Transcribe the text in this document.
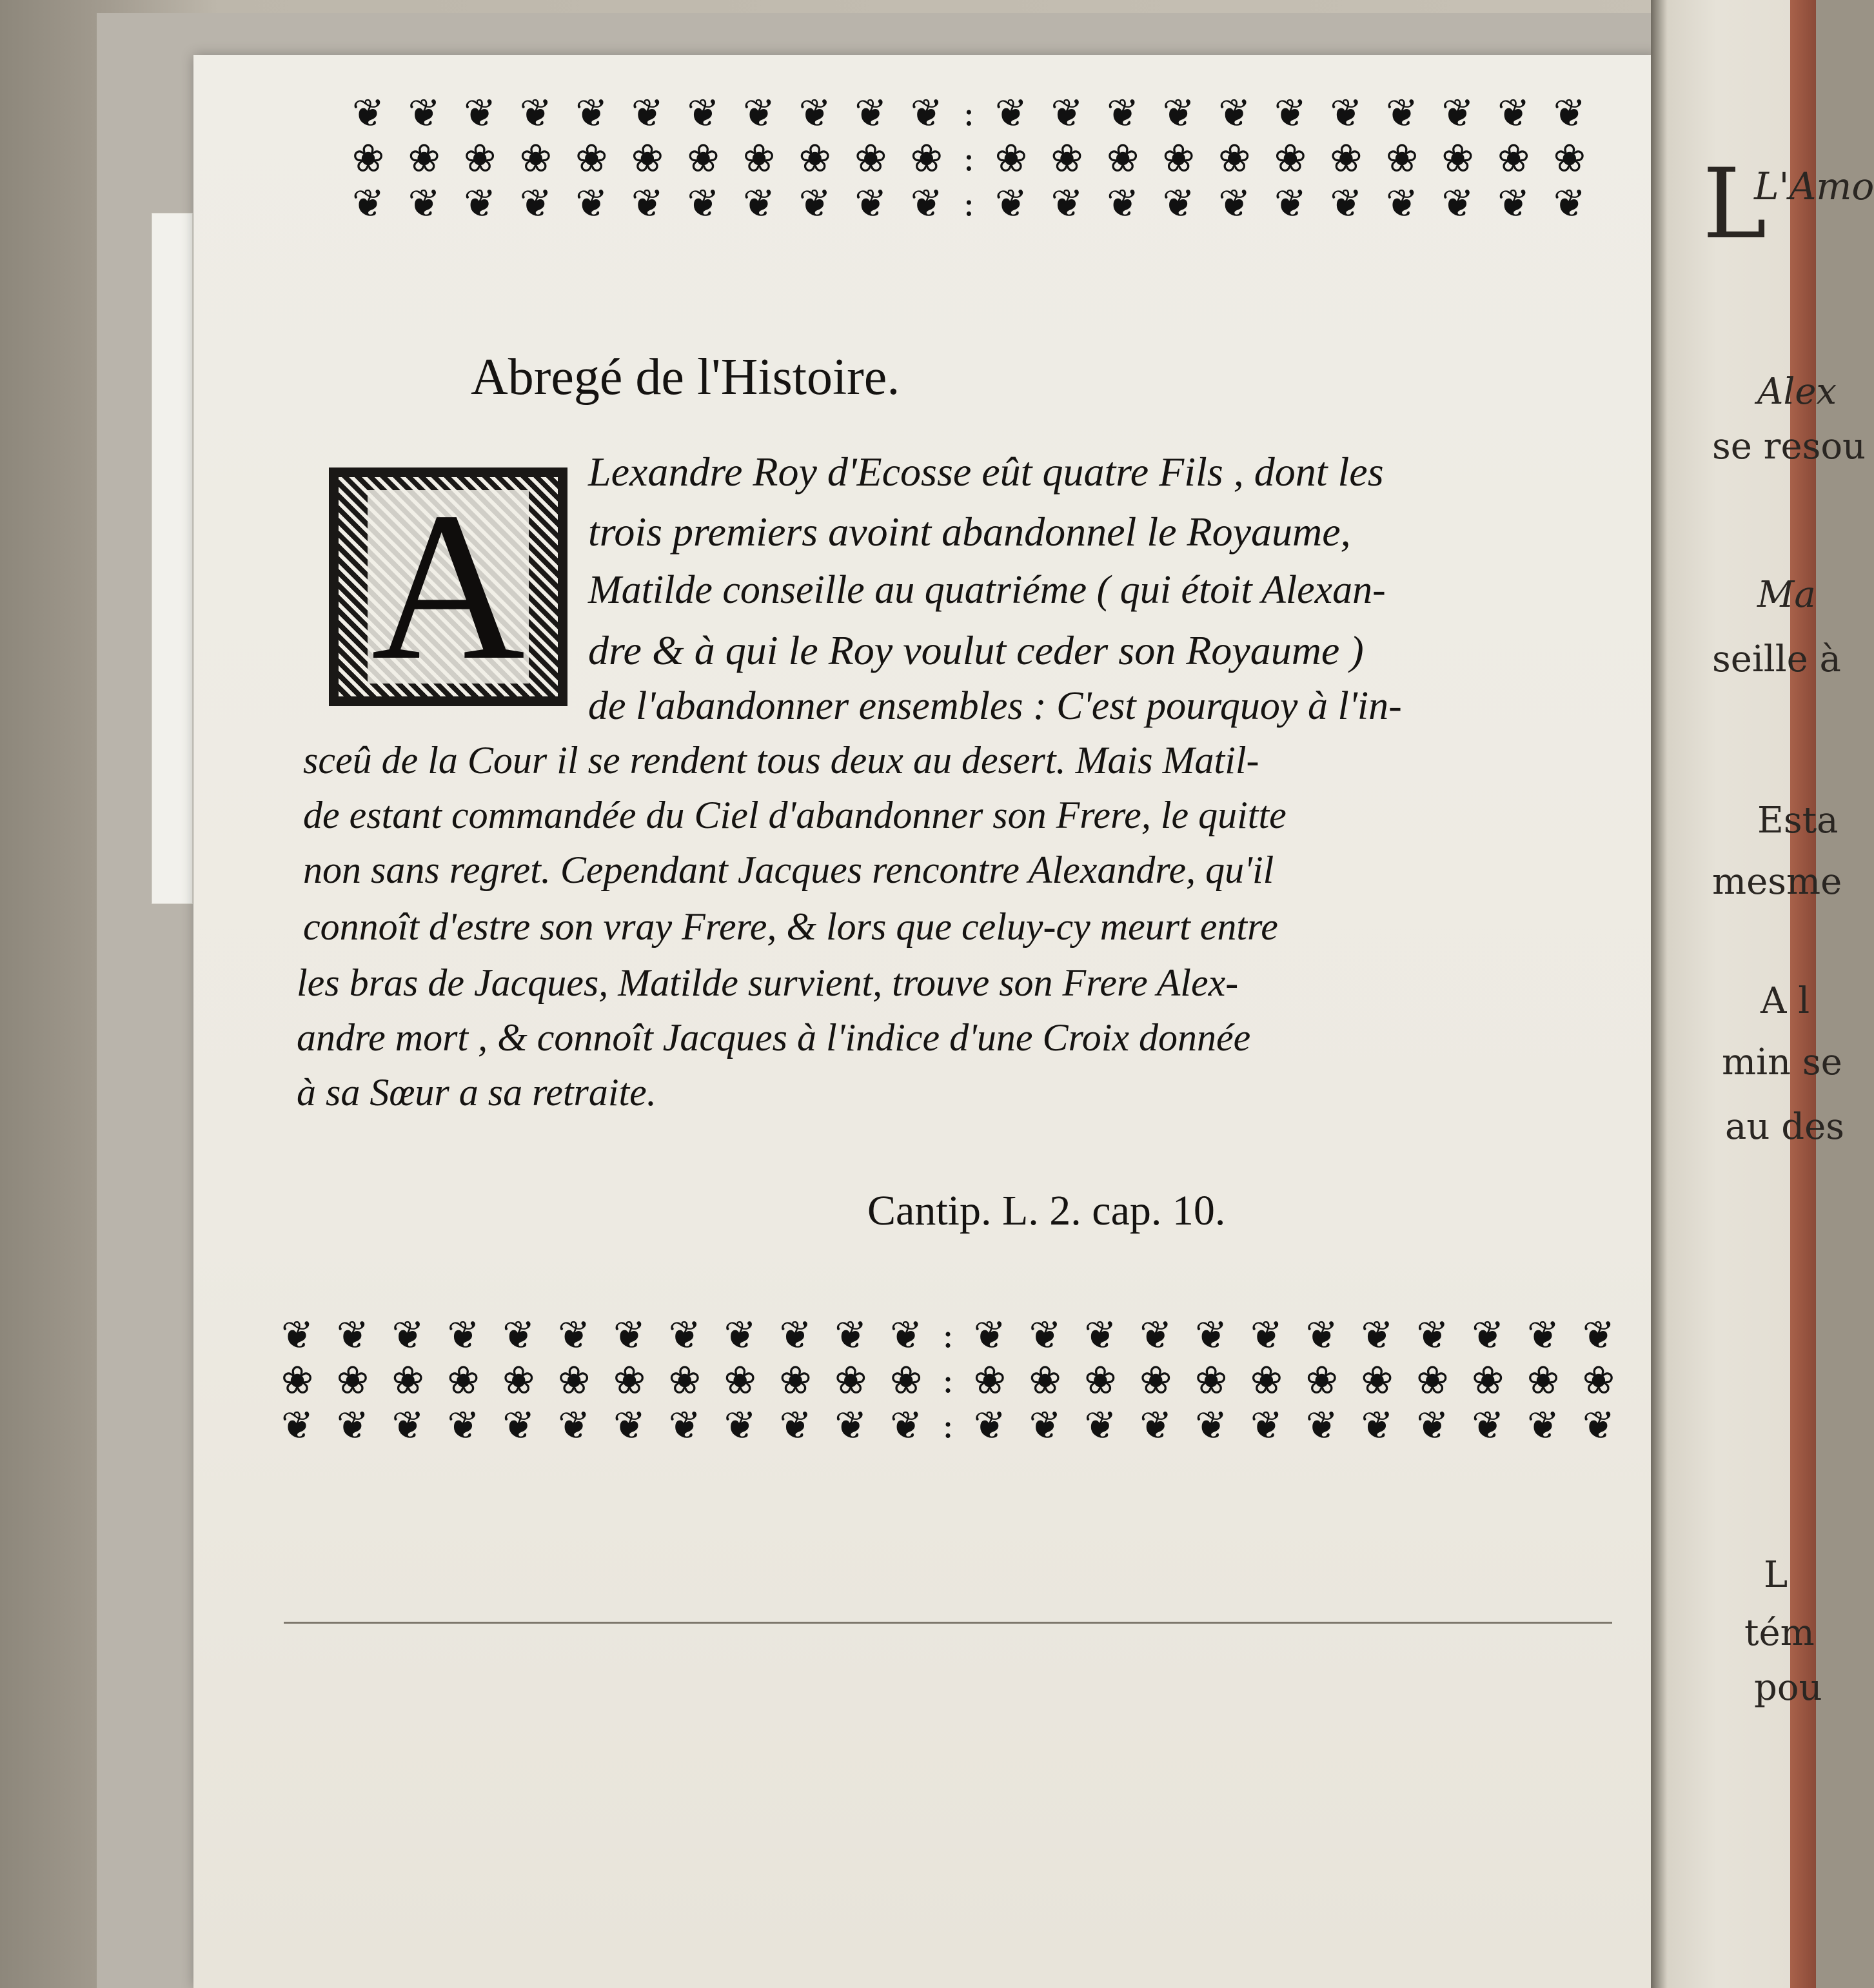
❦ ❦ ❦ ❦ ❦ ❦ ❦ ❦ ❦ ❦ ❦ : ❦ ❦ ❦ ❦ ❦ ❦ ❦ ❦ ❦ ❦ ❦
❀ ❀ ❀ ❀ ❀ ❀ ❀ ❀ ❀ ❀ ❀ : ❀ ❀ ❀ ❀ ❀ ❀ ❀ ❀ ❀ ❀ ❀
❦ ❦ ❦ ❦ ❦ ❦ ❦ ❦ ❦ ❦ ❦ : ❦ ❦ ❦ ❦ ❦ ❦ ❦ ❦ ❦ ❦ ❦
Abregé de l'Histoire.
A Lexandre Roy d'Ecosse eût quatre Fils , dont les
trois premiers avoint abandonnel le Royaume,
Matilde conseille au quatriéme ( qui étoit Alexan-
dre & à qui le Roy voulut ceder son Royaume )
de l'abandonner ensembles : C'est pourquoy à l'in-
sceû de la Cour il se rendent tous deux au desert. Mais Matil-
de estant commandée du Ciel d'abandonner son Frere, le quitte
non sans regret. Cependant Jacques rencontre Alexandre, qu'il
connoît d'estre son vray Frere, & lors que celuy-cy meurt entre
les bras de Jacques, Matilde survient, trouve son Frere Alex-
andre mort , & connoît Jacques à l'indice d'une Croix donnée
à sa Sœur a sa retraite.
Cantip. L. 2. cap. 10.
❦ ❦ ❦ ❦ ❦ ❦ ❦ ❦ ❦ ❦ ❦ ❦ : ❦ ❦ ❦ ❦ ❦ ❦ ❦ ❦ ❦ ❦ ❦ ❦
❀ ❀ ❀ ❀ ❀ ❀ ❀ ❀ ❀ ❀ ❀ ❀ : ❀ ❀ ❀ ❀ ❀ ❀ ❀ ❀ ❀ ❀ ❀ ❀
❦ ❦ ❦ ❦ ❦ ❦ ❦ ❦ ❦ ❦ ❦ ❦ : ❦ ❦ ❦ ❦ ❦ ❦ ❦ ❦ ❦ ❦ ❦ ❦
L
L'Amo
Alex
se resou
Ma
seille à
Esta
mesme
A l
min se
au des
L
tém
pou
